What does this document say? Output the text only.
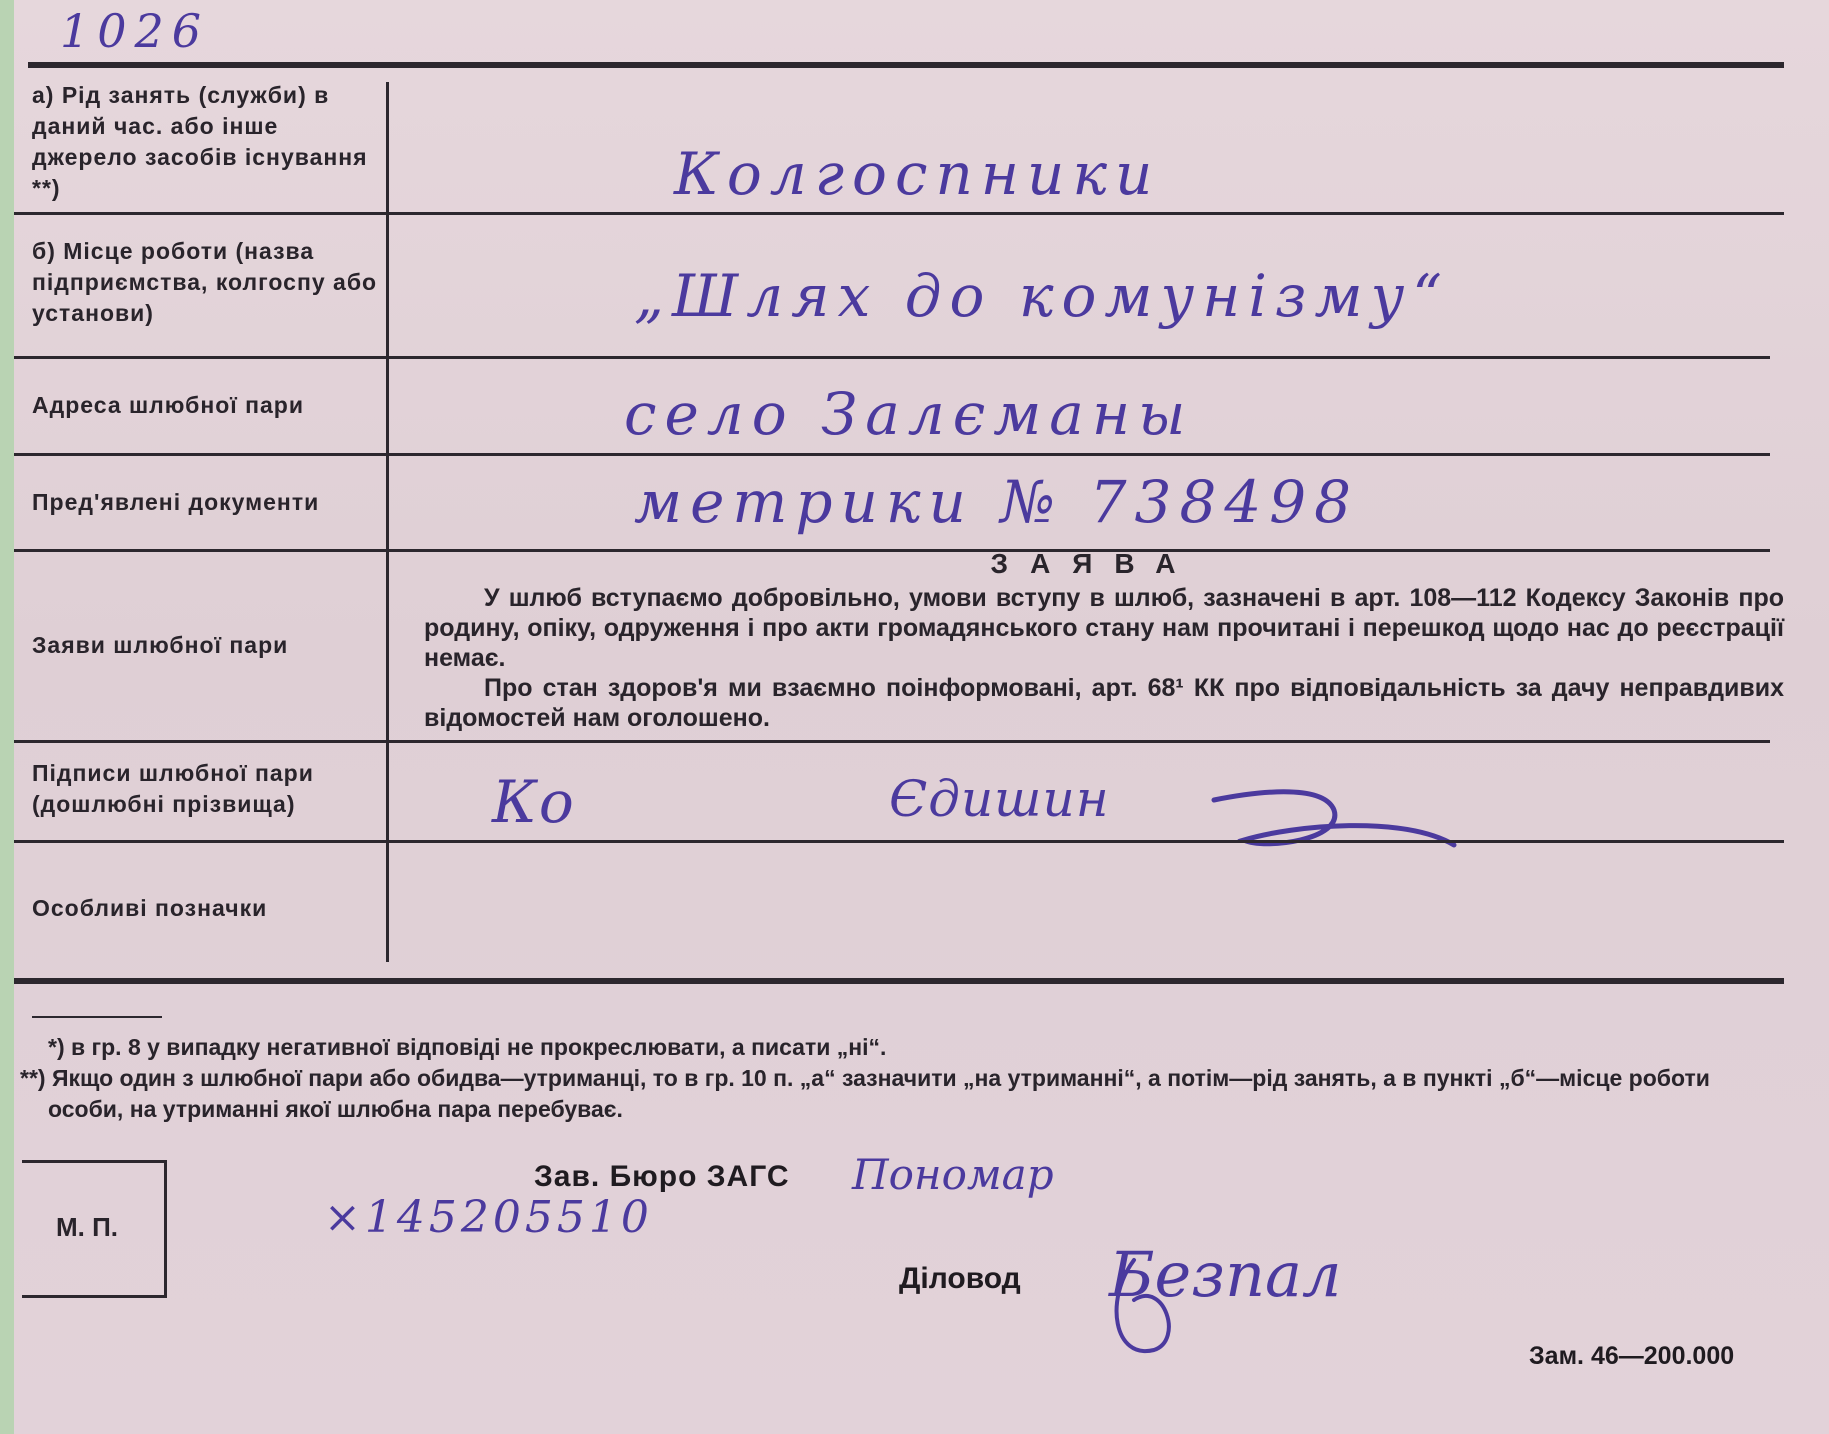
1026
а) Рід занять (служби) в даний час. або інше джерело засобів існування **)	Колгоспники
б) Місце роботи (назва підприємства, колгоспу або установи)	„Шлях до комунізму“
Адреса шлюбної пари	село Залєманы
Пред'явлені документи	метрики № 738498
Заяви шлюбної пари
ЗАЯВА

У шлюб вступаємо добровільно, умови вступу в шлюб, зазначені в арт. 108—112 Кодексу Законів про родину, опіку, одруження і про акти громадянського стану нам прочитані і перешкод щодо нас до реєстрації немає.

Про стан здоров'я ми взаємно поінформовані, арт. 68¹ КК про відповідальність за дачу неправдивих відомостей нам оголошено.

Підписи шлюбної пари (дошлюбні прізвища)	Ко	Єдишин
Особливі позначки

*) в гр. 8 у випадку негативної відповіді не прокреслювати, а писати „ні“.

**) Якщо один з шлюбної пари або обидва—утриманці, то в гр. 10 п. „а“ зазначити „на утриманні“, а потім—рід занять, а в пункті „б“—місце роботи особи, на утриманні якої шлюбна пара перебуває.

М. П.
Зав. Бюро ЗАГС Пономар
×145205510
Діловод Безпал
Зам. 46—200.000
